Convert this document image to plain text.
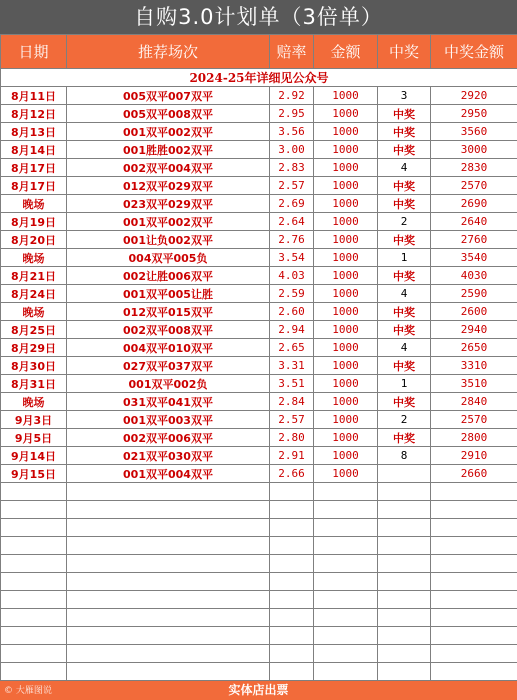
自购3.0计划单（3倍单）
日期	推荐场次	赔率	金额	中奖	中奖金额
2024-25年详细见公众号					
8月11日	005双平007双平	2.92	1000	3	2920
8月12日	005双平008双平	2.95	1000	中奖	2950
8月13日	001双平002双平	3.56	1000	中奖	3560
8月14日	001胜胜002双平	3.00	1000	中奖	3000
8月17日	002双平004双平	2.83	1000	4	2830
8月17日	012双平029双平	2.57	1000	中奖	2570
晚场	023双平029双平	2.69	1000	中奖	2690
8月19日	001双平002双平	2.64	1000	2	2640
8月20日	001让负002双平	2.76	1000	中奖	2760
晚场	004双平005负	3.54	1000	1	3540
8月21日	002让胜006双平	4.03	1000	中奖	4030
8月24日	001双平005让胜	2.59	1000	4	2590
晚场	012双平015双平	2.60	1000	中奖	2600
8月25日	002双平008双平	2.94	1000	中奖	2940
8月29日	004双平010双平	2.65	1000	4	2650
8月30日	027双平037双平	3.31	1000	中奖	3310
8月31日	001双平002负	3.51	1000	1	3510
晚场	031双平041双平	2.84	1000	中奖	2840
9月3日	001双平003双平	2.57	1000	2	2570
9月5日	002双平006双平	2.80	1000	中奖	2800
9月14日	021双平030双平	2.91	1000	8	2910
9月15日	001双平004双平	2.66	1000		2660

实体店出票
© 大雁图说
